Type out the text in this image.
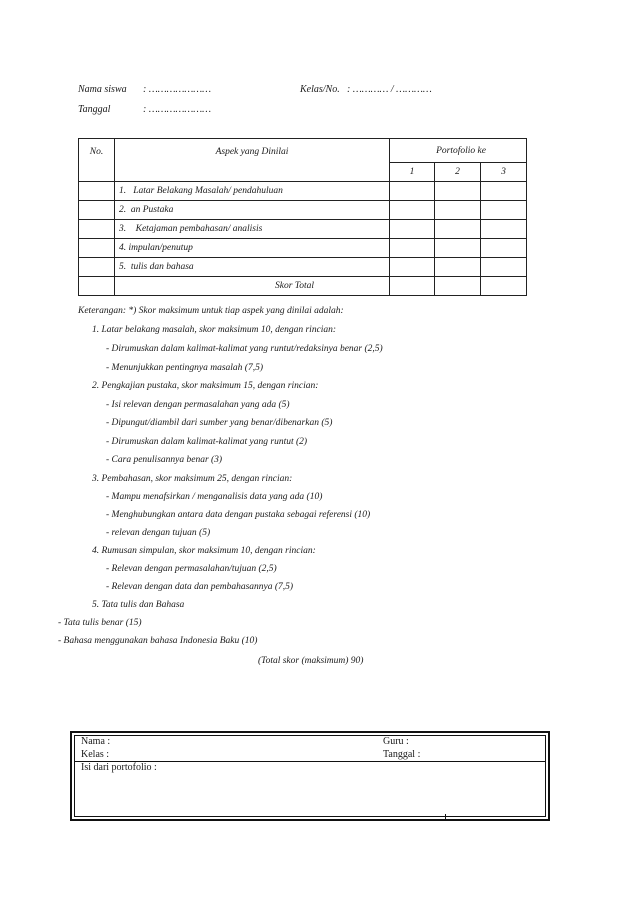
Nama siswa : …………………	Kelas/No. : ………… / …………
Tanggal	: …………………
No.	Aspek yang Dinilai	Portofolio ke		
		1	2	3
	1. Latar Belakang Masalah/ pendahuluan			
	2. an Pustaka			
	3. Ketajaman pembahasan/ analisis			
	4. impulan/penutup			
	5. tulis dan bahasa			
	Skor Total			
Keterangan: *) Skor maksimum untuk tiap aspek yang dinilai adalah:
1. Latar belakang masalah, skor maksimum 10, dengan rincian:
- Dirumuskan dalam kalimat-kalimat yang runtut/redaksinya benar (2,5)
- Menunjukkan pentingnya masalah (7,5)
2. Pengkajian pustaka, skor maksimum 15, dengan rincian:
- Isi relevan dengan permasalahan yang ada (5)
- Dipungut/diambil dari sumber yang benar/dibenarkan (5)
- Dirumuskan dalam kalimat-kalimat yang runtut (2)
- Cara penulisannya benar (3)
3. Pembahasan, skor maksimum 25, dengan rincian:
- Mampu menafsirkan / menganalisis data yang ada (10)
- Menghubungkan antara data dengan pustaka sebagai referensi (10)
- relevan dengan tujuan (5)
4. Rumusan simpulan, skor maksimum 10, dengan rincian:
- Relevan dengan permasalahan/tujuan (2,5)
- Relevan dengan data dan pembahasannya (7,5)
5. Tata tulis dan Bahasa
- Tata tulis benar (15)
- Bahasa menggunakan bahasa Indonesia Baku (10)
(Total skor (maksimum) 90)
Nama :
Kelas :
Guru :
Tanggal :
Isi dari portofolio :
